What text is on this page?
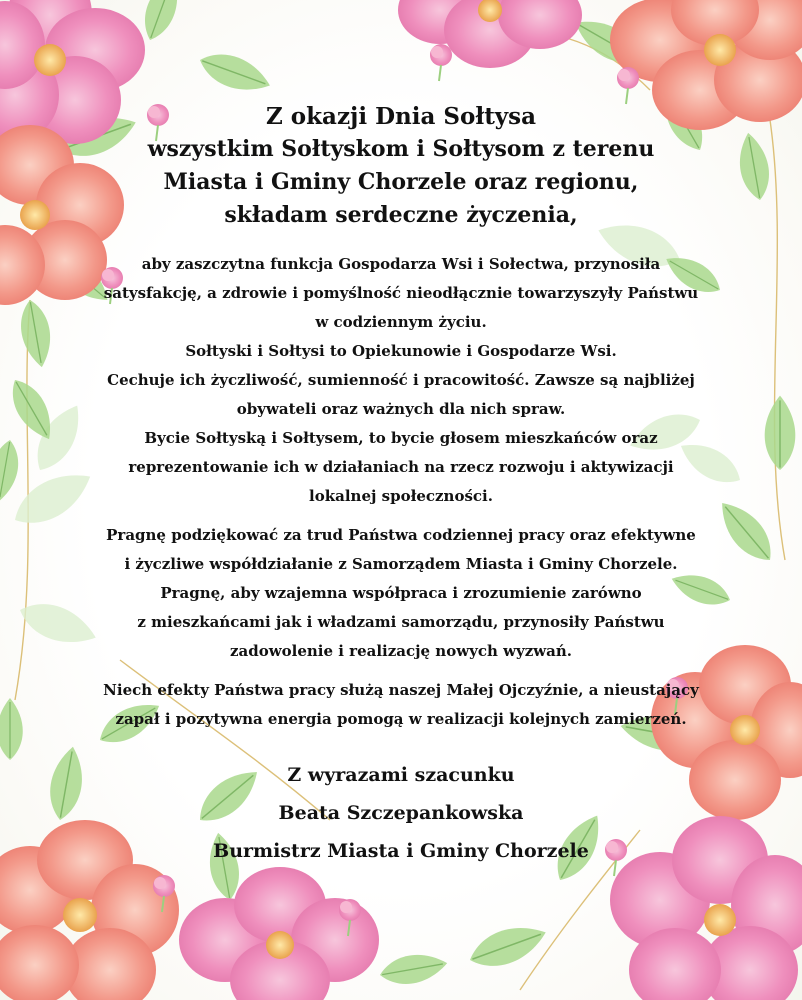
Z okazji Dnia Sołtysa
wszystkim Sołtyskom i Sołtysom z terenu
Miasta i Gminy Chorzele oraz regionu,
składam serdeczne życzenia,
aby zaszczytna funkcja Gospodarza Wsi i Sołectwa, przynosiła
satysfakcję, a zdrowie i pomyślność nieodłącznie towarzyszyły Państwu
w codziennym życiu.
Sołtyski i Sołtysi to Opiekunowie i Gospodarze Wsi.
Cechuje ich życzliwość, sumienność i pracowitość. Zawsze są najbliżej
obywateli oraz ważnych dla nich spraw.
Bycie Sołtyską i Sołtysem, to bycie głosem mieszkańców oraz
reprezentowanie ich w działaniach na rzecz rozwoju i aktywizacji
lokalnej społeczności.
Pragnę podziękować za trud Państwa codziennej pracy oraz efektywne
i życzliwe współdziałanie z Samorządem Miasta i Gminy Chorzele.
Pragnę, aby wzajemna współpraca i zrozumienie zarówno
z mieszkańcami jak i władzami samorządu, przynosiły Państwu
zadowolenie i realizację nowych wyzwań.
Niech efekty Państwa pracy służą naszej Małej Ojczyźnie, a nieustający
zapał i pozytywna energia pomogą w realizacji kolejnych zamierzeń.
Z wyrazami szacunku
Beata Szczepankowska
Burmistrz Miasta i Gminy Chorzele
